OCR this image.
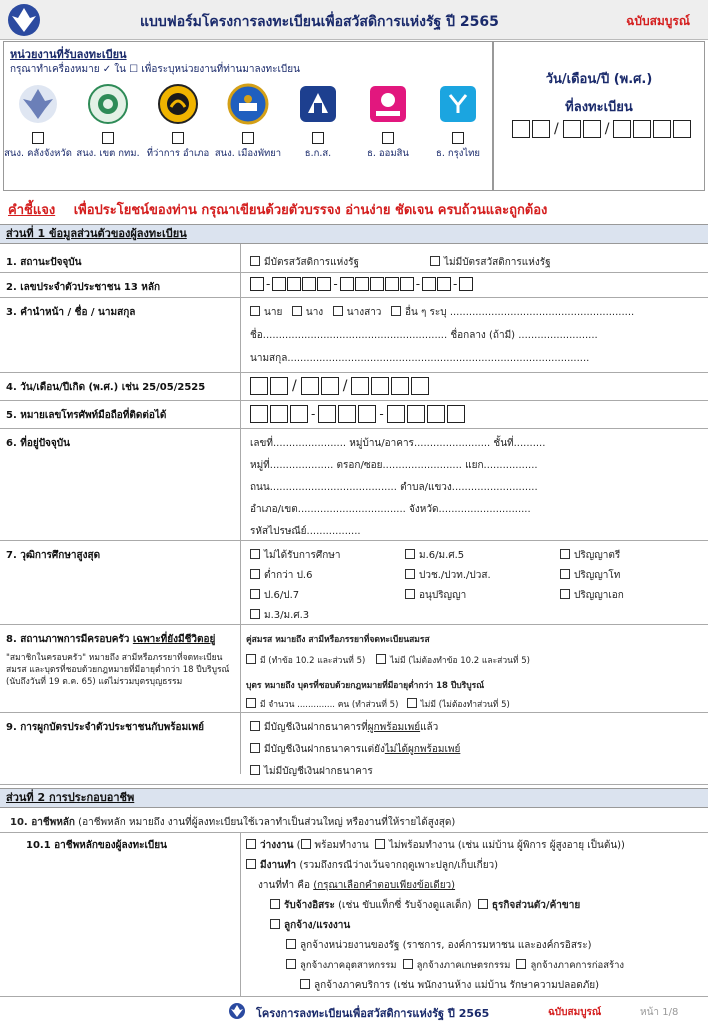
แบบฟอร์มโครงการลงทะเบียนเพื่อสวัสดิการแห่งรัฐ ปี 2565	ฉบับสมบูรณ์
หน่วยงานที่รับลงทะเบียน
กรุณาทำเครื่องหมาย ✓ ใน ☐ เพื่อระบุหน่วยงานที่ท่านมาลงทะเบียน
สนง. คลังจังหวัด สนง. เขต กทม. ที่ว่าการ อำเภอ สนง. เมืองพัทยา	ธ.ก.ส.	ธ. ออมสิน	ธ. กรุงไทย
วัน/เดือน/ปี (พ.ศ.)
ที่ลงทะเบียน
/	/
คำชี้แจง เพื่อประโยชน์ของท่าน กรุณาเขียนด้วยตัวบรรจง อ่านง่าย ชัดเจน ครบถ้วนและถูกต้อง
ส่วนที่ 1 ข้อมูลส่วนตัวของผู้ลงทะเบียน
1. สถานะปัจจุบัน	มีบัตรสวัสดิการแห่งรัฐ	ไม่มีบัตรสวัสดิการแห่งรัฐ
2. เลขประจำตัวประชาชน 13 หลัก	-	-	-	-
3. คำนำหน้า / ชื่อ / นามสกุล	นาย นาง นางสาว อื่น ๆ ระบุ ..........................................................
ชื่อ.......................................................... ชื่อกลาง (ถ้ามี) .........................
นามสกุล...............................................................................................
4. วัน/เดือน/ปีเกิด (พ.ศ.) เช่น 25/05/2525	/	/
5. หมายเลขโทรศัพท์มือถือที่ติดต่อได้	-	-
6. ที่อยู่ปัจจุบัน	เลขที่....................... หมู่บ้าน/อาคาร........................ ชั้นที่..........
หมู่ที่.................... ตรอก/ซอย......................... แยก.................
ถนน........................................ ตำบล/แขวง...........................
อำเภอ/เขต.................................. จังหวัด.............................
รหัสไปรษณีย์.................
7. วุฒิการศึกษาสูงสุด	ไม่ได้รับการศึกษา
ต่ำกว่า ป.6
ป.6/ป.7
ม.3/ม.ศ.3
ม.6/ม.ศ.5
ปวช./ปวท./ปวส.
อนุปริญญา
ปริญญาตรี
ปริญญาโท
ปริญญาเอก
8. สถานภาพการมีครอบครัว เฉพาะที่ยังมีชีวิตอยู่
"สมาชิกในครอบครัว" หมายถึง สามีหรือภรรยาที่จดทะเบียนสมรส และบุตรที่ชอบด้วยกฎหมายที่มีอายุต่ำกว่า 18 ปีบริบูรณ์ (นับถึงวันที่ 19 ต.ค. 65) แต่ไม่รวมบุตรบุญธรรม
คู่สมรส หมายถึง สามีหรือภรรยาที่จดทะเบียนสมรส
มี (ทำข้อ 10.2 และส่วนที่ 5)	ไม่มี (ไม่ต้องทำข้อ 10.2 และส่วนที่ 5)
บุตร หมายถึง บุตรที่ชอบด้วยกฎหมายที่มีอายุต่ำกว่า 18 ปีบริบูรณ์
มี จำนวน .............. คน (ทำส่วนที่ 5)	ไม่มี (ไม่ต้องทำส่วนที่ 5)
9. การผูกบัตรประจำตัวประชาชนกับพร้อมเพย์	มีบัญชีเงินฝากธนาคารที่ผูกพร้อมเพย์แล้ว
มีบัญชีเงินฝากธนาคารแต่ยังไม่ได้ผูกพร้อมเพย์
ไม่มีบัญชีเงินฝากธนาคาร
ส่วนที่ 2 การประกอบอาชีพ
10. อาชีพหลัก (อาชีพหลัก หมายถึง งานที่ผู้ลงทะเบียนใช้เวลาทำเป็นส่วนใหญ่ หรืองานที่ให้รายได้สูงสุด)
10.1 อาชีพหลักของผู้ลงทะเบียน	ว่างงาน ( พร้อมทำงาน ไม่พร้อมทำงาน (เช่น แม่บ้าน ผู้พิการ ผู้สูงอายุ เป็นต้น))
มีงานทำ (รวมถึงกรณีว่างเว้นจากฤดูเพาะปลูก/เก็บเกี่ยว)
งานที่ทำ คือ (กรุณาเลือกคำตอบเพียงข้อเดียว)
รับจ้างอิสระ (เช่น ขับแท็กซี่ รับจ้างดูแลเด็ก) ธุรกิจส่วนตัว/ค้าขาย
ลูกจ้าง/แรงงาน
ลูกจ้างหน่วยงานของรัฐ (ราชการ, องค์การมหาชน และองค์กรอิสระ)
ลูกจ้างภาคอุตสาหกรรม ลูกจ้างภาคเกษตรกรรม ลูกจ้างภาคการก่อสร้าง
ลูกจ้างภาคบริการ (เช่น พนักงานห้าง แม่บ้าน รักษาความปลอดภัย)
โครงการลงทะเบียนเพื่อสวัสดิการแห่งรัฐ ปี 2565	ฉบับสมบูรณ์	หน้า 1/8
